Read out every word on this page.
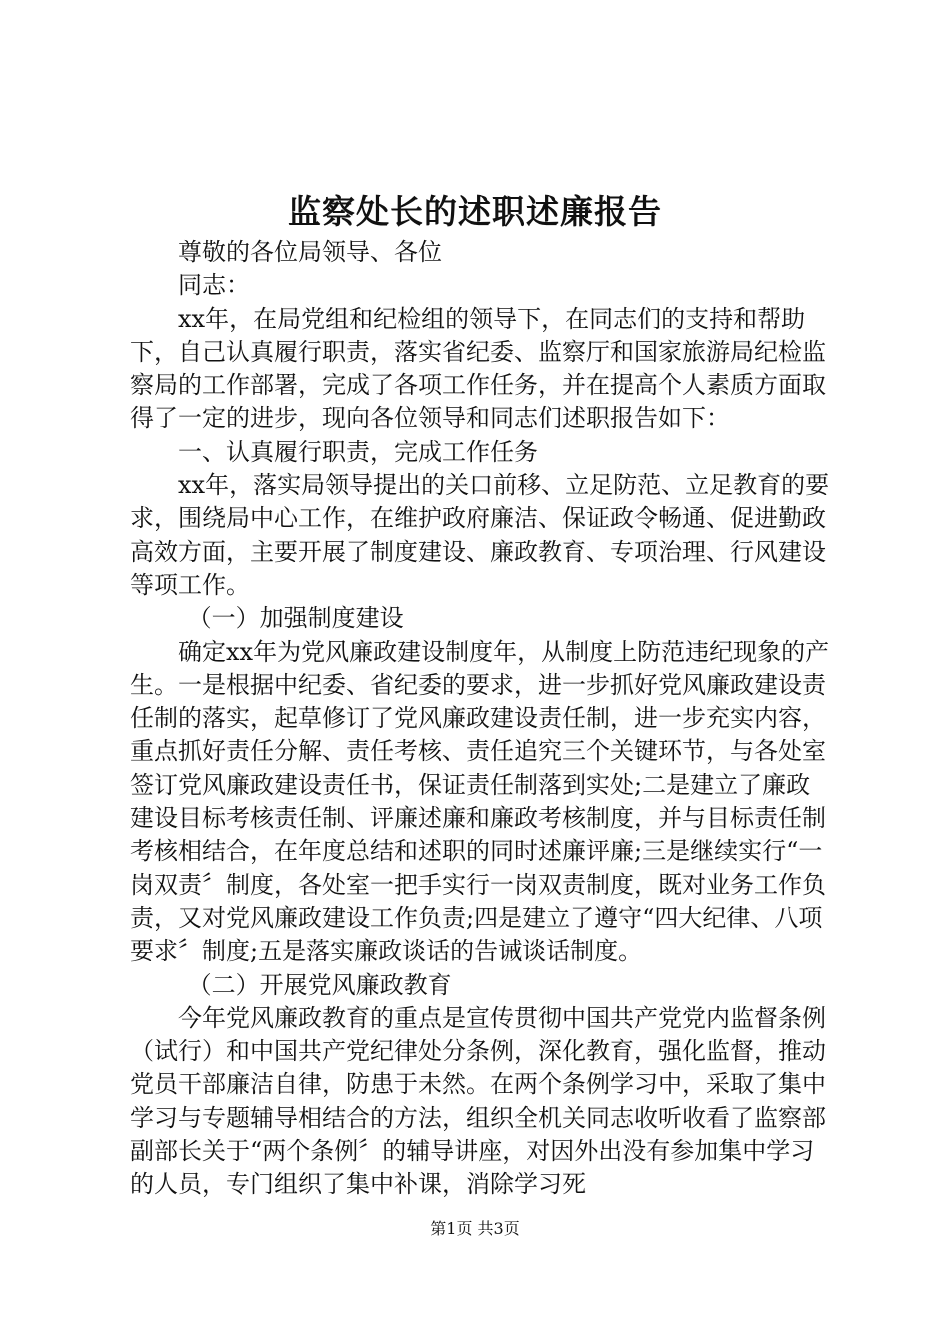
监察处长的述职述廉报告

尊敬的各位局领导、各位

同志：

xx年，在局党组和纪检组的领导下，在同志们的支持和帮助下，自己认真履行职责，落实省纪委、监察厅和国家旅游局纪检监察局的工作部署，完成了各项工作任务，并在提高个人素质方面取得了一定的进步，现向各位领导和同志们述职报告如下：

一、认真履行职责，完成工作任务

xx年，落实局领导提出的关口前移、立足防范、立足教育的要求，围绕局中心工作，在维护政府廉洁、保证政令畅通、促进勤政高效方面，主要开展了制度建设、廉政教育、专项治理、行风建设等项工作。

（一）加强制度建设

确定xx年为党风廉政建设制度年，从制度上防范违纪现象的产生。一是根据中纪委、省纪委的要求，进一步抓好党风廉政建设责任制的落实，起草修订了党风廉政建设责任制，进一步充实内容，重点抓好责任分解、责任考核、责任追究三个关键环节，与各处室签订党风廉政建设责任书，保证责任制落到实处;二是建立了廉政建设目标考核责任制、评廉述廉和廉政考核制度，并与目标责任制考核相结合，在年度总结和述职的同时述廉评廉;三是继续实行“一岗双责〞制度，各处室一把手实行一岗双责制度，既对业务工作负责，又对党风廉政建设工作负责;四是建立了遵守“四大纪律、八项要求〞制度;五是落实廉政谈话的告诫谈话制度。

（二）开展党风廉政教育

今年党风廉政教育的重点是宣传贯彻中国共产党党内监督条例（试行）和中国共产党纪律处分条例，深化教育，强化监督，推动党员干部廉洁自律，防患于未然。在两个条例学习中，采取了集中学习与专题辅导相结合的方法，组织全机关同志收听收看了监察部副部长关于“两个条例〞的辅导讲座，对因外出没有参加集中学习的人员，专门组织了集中补课，消除学习死

第1页 共3页
